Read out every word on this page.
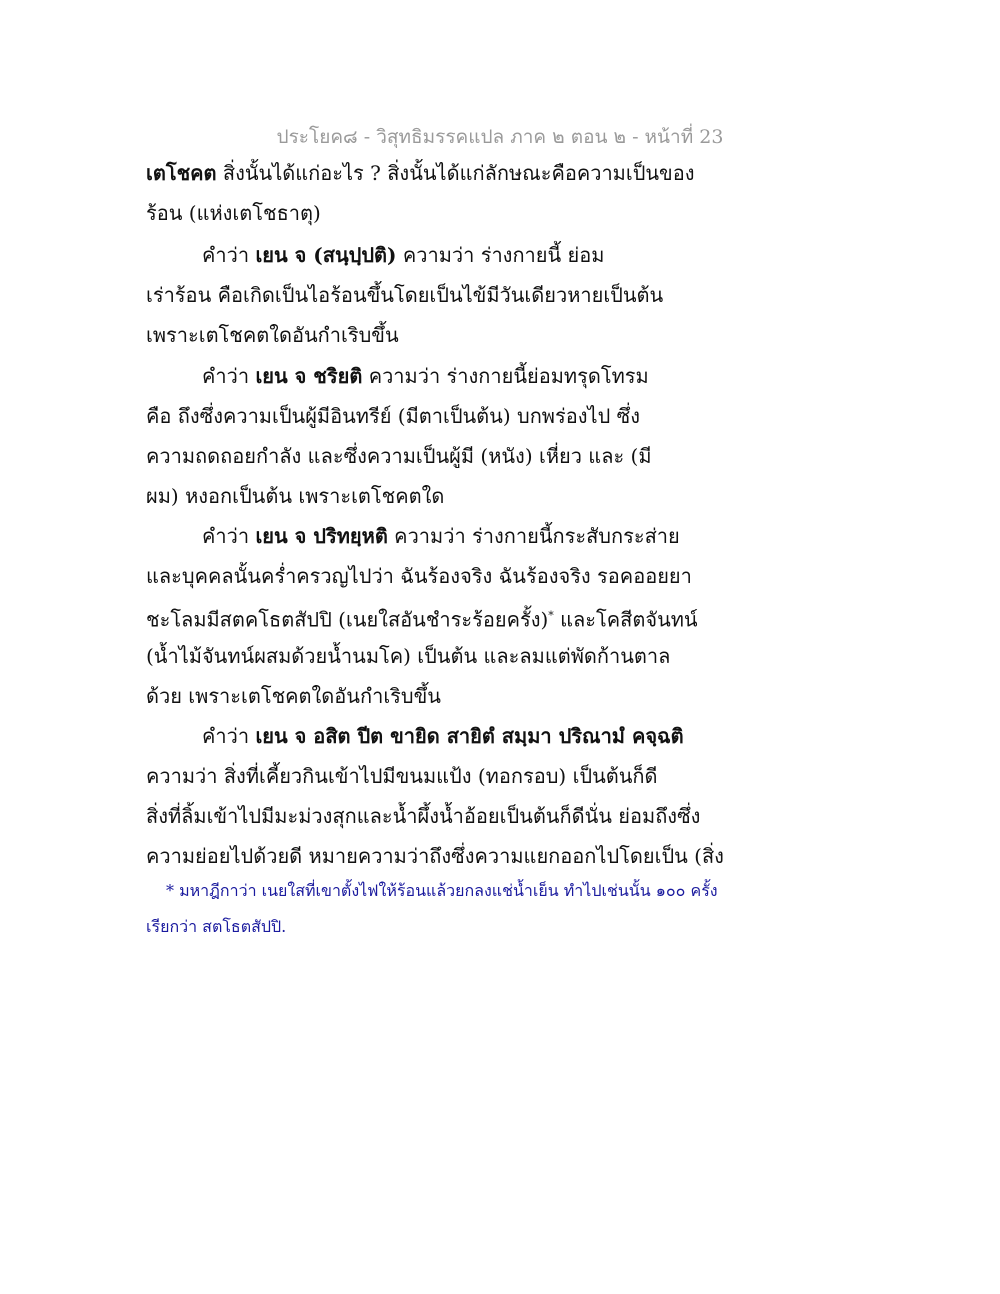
ประโยค๘ - วิสุทธิมรรคแปล ภาค ๒ ตอน ๒ - หน้าที่ 23
เตโชคต สิ่งนั้นได้แก่อะไร ? สิ่งนั้นได้แก่ลักษณะคือความเป็นของ
ร้อน (แห่งเตโชธาตุ)
คำว่า เยน จ (สนฺปฺปติ) ความว่า ร่างกายนี้ ย่อม
เร่าร้อน คือเกิดเป็นไอร้อนขึ้นโดยเป็นไข้มีวันเดียวหายเป็นต้น
เพราะเตโชคตใดอันกำเริบขึ้น
คำว่า เยน จ ชริยติ ความว่า ร่างกายนี้ย่อมทรุดโทรม
คือ ถึงซึ่งความเป็นผู้มีอินทรีย์ (มีตาเป็นต้น) บกพร่องไป ซึ่ง
ความถดถอยกำลัง และซึ่งความเป็นผู้มี (หนัง) เหี่ยว และ (มี
ผม) หงอกเป็นต้น เพราะเตโชคตใด
คำว่า เยน จ ปริทยฺหติ ความว่า ร่างกายนี้กระสับกระส่าย
และบุคคลนั้นคร่ำครวญไปว่า ฉันร้องจริง ฉันร้องจริง รอคออยยา
ชะโลมมีสตคโธตสัปปิ (เนยใสอันชำระร้อยครั้ง)* และโคสีตจันทน์
(น้ำไม้จันทน์ผสมด้วยน้ำนมโค) เป็นต้น และลมแต่พัดก้านตาล
ด้วย เพราะเตโชคตใดอันกำเริบขึ้น
คำว่า เยน จ อสิต ปีต ขายิด สายิตํ สมฺมา ปริณามํ คจฺฉติ
ความว่า สิ่งที่เคี้ยวกินเข้าไปมีขนมแป้ง (ทอกรอบ) เป็นต้นก็ดี
สิ่งที่ลิ้มเข้าไปมีมะม่วงสุกและน้ำผึ้งน้ำอ้อยเป็นต้นก็ดีนั่น ย่อมถึงซึ่ง
ความย่อยไปด้วยดี หมายความว่าถึงซึ่งความแยกออกไปโดยเป็น (สิ่ง
* มหาฎีกาว่า เนยใสที่เขาตั้งไฟให้ร้อนแล้วยกลงแช่น้ำเย็น ทำไปเช่นนั้น ๑๐๐ ครั้ง
เรียกว่า สตโธตสัปปิ.
